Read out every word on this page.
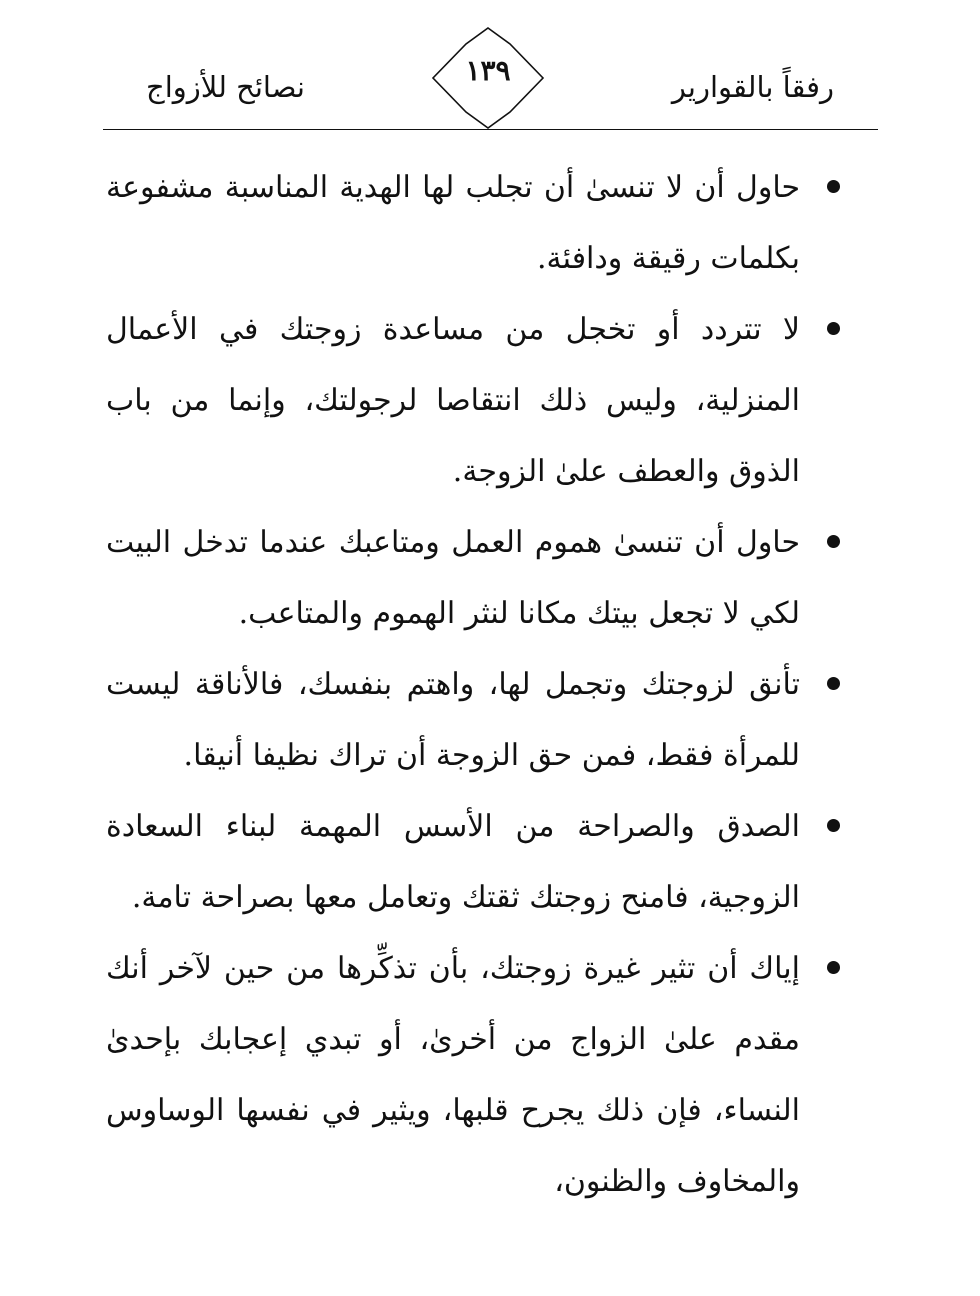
رفقاً بالقوارير
١٣٩
نصائح للأزواج
حاول أن لا تنسىٰ أن تجلب لها الهدية المناسبة مشفوعة بكلمات رقيقة ودافئة.
لا تتردد أو تخجل من مساعدة زوجتك في الأعمال المنزلية، وليس ذلك انتقاصا لرجولتك، وإنما من باب الذوق والعطف علىٰ الزوجة.
حاول أن تنسىٰ هموم العمل ومتاعبك عندما تدخل البيت لكي لا تجعل بيتك مكانا لنثر الهموم والمتاعب.
تأنق لزوجتك وتجمل لها، واهتم بنفسك، فالأناقة ليست للمرأة فقط، فمن حق الزوجة أن تراك نظيفا أنيقا.
الصدق والصراحة من الأسس المهمة لبناء السعادة الزوجية، فامنح زوجتك ثقتك وتعامل معها بصراحة تامة.
إياك أن تثير غيرة زوجتك، بأن تذكِّرها من حين لآخر أنك مقدم علىٰ الزواج من أخرىٰ، أو تبدي إعجابك بإحدىٰ النساء، فإن ذلك يجرح قلبها، ويثير في نفسها الوساوس والمخاوف والظنون،
